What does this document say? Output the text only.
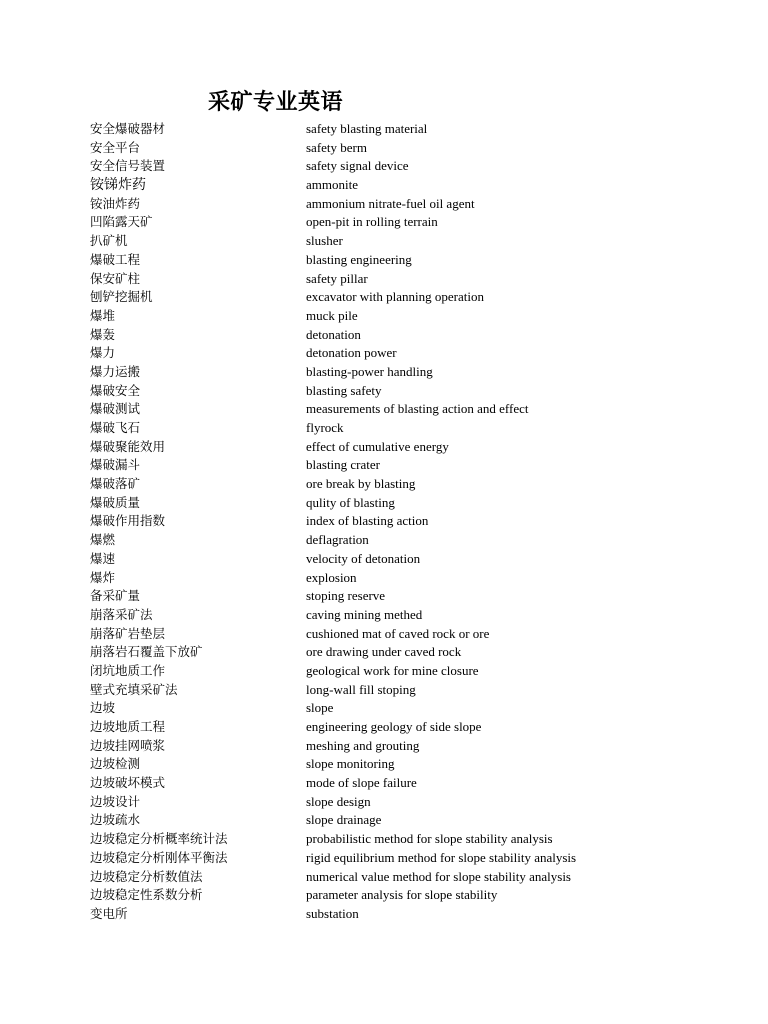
采矿专业英语
安全爆破器材	safety blasting material
安全平台	safety berm
安全信号装置	safety signal device
铵锑炸药	ammonite
铵油炸药	ammonium nitrate-fuel oil agent
凹陷露天矿	open-pit in rolling terrain
扒矿机	slusher
爆破工程	blasting engineering
保安矿柱	safety pillar
刨铲挖掘机	excavator with planning operation
爆堆	muck pile
爆轰	detonation
爆力	detonation power
爆力运搬	blasting-power handling
爆破安全	blasting safety
爆破测试	measurements of blasting action and effect
爆破飞石	flyrock
爆破聚能效用	effect of cumulative energy
爆破漏斗	blasting crater
爆破落矿	ore break by blasting
爆破质量	qulity of blasting
爆破作用指数	index of blasting action
爆燃	deflagration
爆速	velocity of detonation
爆炸	explosion
备采矿量	stoping reserve
崩落采矿法	caving mining methed
崩落矿岩垫层	cushioned mat of caved rock or ore
崩落岩石覆盖下放矿	ore drawing under caved rock
闭坑地质工作	geological work for mine closure
壁式充填采矿法	long-wall fill stoping
边坡	slope
边坡地质工程	engineering geology of side slope
边坡挂网喷浆	meshing and grouting
边坡检测	slope monitoring
边坡破坏模式	mode of slope failure
边坡设计	slope design
边坡疏水	slope drainage
边坡稳定分析概率统计法	probabilistic method for slope stability analysis
边坡稳定分析刚体平衡法	rigid equilibrium method for slope stability analysis
边坡稳定分析数值法	numerical value method for slope stability analysis
边坡稳定性系数分析	parameter analysis for slope stability
变电所	substation
